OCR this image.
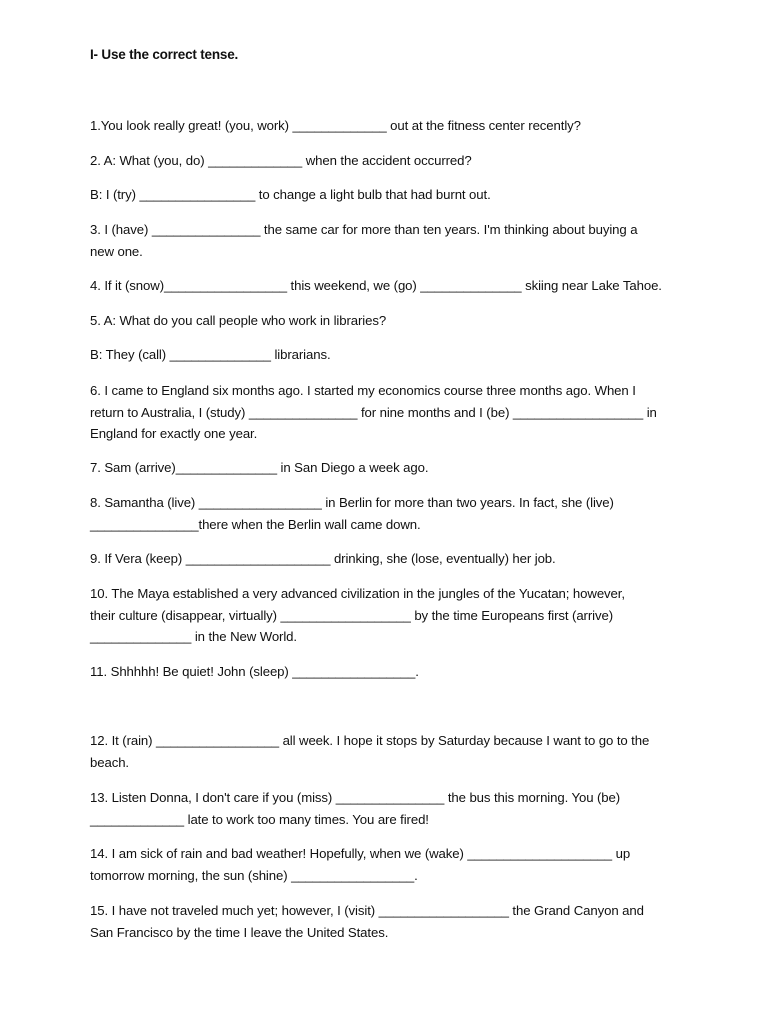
I- Use the correct tense.
1.You look really great! (you, work) _____________ out at the fitness center recently?
2. A: What (you, do) _____________ when the accident occurred?
B: I (try) ________________ to change a light bulb that had burnt out.
3. I (have) _______________ the same car for more than ten years. I'm thinking about buying a
new one.
4. If it (snow)_________________ this weekend, we (go) ______________ skiing near Lake Tahoe.
5. A: What do you call people who work in libraries?
B: They (call) ______________ librarians.
6. I came to England six months ago. I started my economics course three months ago. When I
return to Australia, I (study) _______________ for nine months and I (be) __________________ in
England for exactly one year.
7. Sam (arrive)______________ in San Diego a week ago.
8. Samantha (live) _________________ in Berlin for more than two years. In fact, she (live)
_______________there when the Berlin wall came down.
9. If Vera (keep) ____________________ drinking, she (lose, eventually) her job.
10. The Maya established a very advanced civilization in the jungles of the Yucatan; however,
their culture (disappear, virtually) __________________ by the time Europeans first (arrive)
______________ in the New World.
11. Shhhhh! Be quiet! John (sleep) _________________.
12. It (rain) _________________ all week. I hope it stops by Saturday because I want to go to the
beach.
13. Listen Donna, I don't care if you (miss) _______________ the bus this morning. You (be)
_____________ late to work too many times. You are fired!
14. I am sick of rain and bad weather! Hopefully, when we (wake) ____________________ up
tomorrow morning, the sun (shine) _________________.
15. I have not traveled much yet; however, I (visit) __________________ the Grand Canyon and
San Francisco by the time I leave the United States.
